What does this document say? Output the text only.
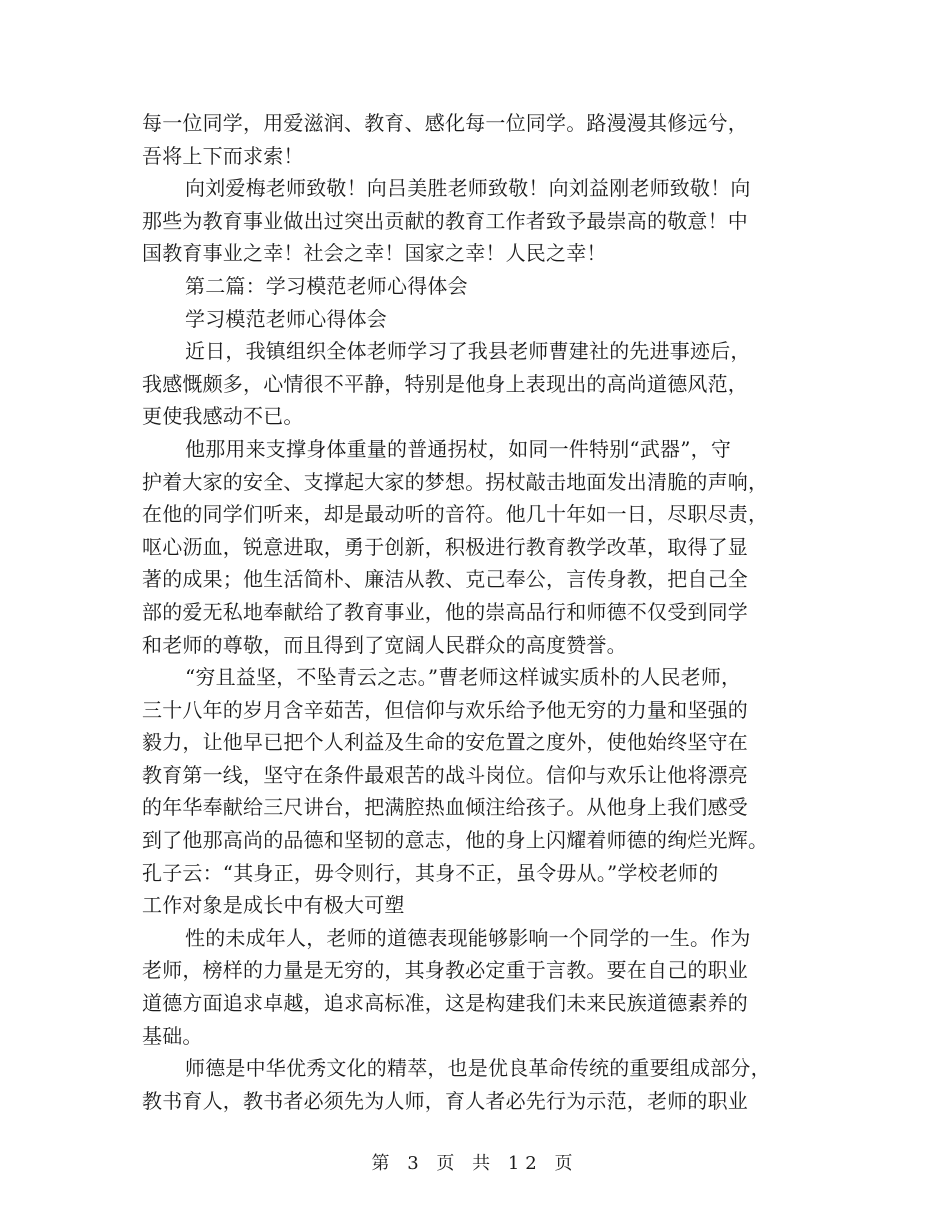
每一位同学，用爱滋润、教育、感化每一位同学。路漫漫其修远兮，
吾将上下而求索！
向刘爱梅老师致敬！向吕美胜老师致敬！向刘益刚老师致敬！向
那些为教育事业做出过突出贡献的教育工作者致予最崇高的敬意！中
国教育事业之幸！社会之幸！国家之幸！人民之幸！
第二篇：学习模范老师心得体会
学习模范老师心得体会
近日，我镇组织全体老师学习了我县老师曹建社的先进事迹后，
我感慨颇多，心情很不平静，特别是他身上表现出的高尚道德风范，
更使我感动不已。
他那用来支撑身体重量的普通拐杖，如同一件特别“武器”，守
护着大家的安全、支撑起大家的梦想。拐杖敲击地面发出清脆的声响，
在他的同学们听来，却是最动听的音符。他几十年如一日，尽职尽责，
呕心沥血，锐意进取，勇于创新，积极进行教育教学改革，取得了显
著的成果；他生活简朴、廉洁从教、克己奉公，言传身教，把自己全
部的爱无私地奉献给了教育事业，他的崇高品行和师德不仅受到同学
和老师的尊敬，而且得到了宽阔人民群众的高度赞誉。
“穷且益坚，不坠青云之志。”曹老师这样诚实质朴的人民老师，
三十八年的岁月含辛茹苦，但信仰与欢乐给予他无穷的力量和坚强的
毅力，让他早已把个人利益及生命的安危置之度外，使他始终坚守在
教育第一线，坚守在条件最艰苦的战斗岗位。信仰与欢乐让他将漂亮
的年华奉献给三尺讲台，把满腔热血倾注给孩子。从他身上我们感受
到了他那高尚的品德和坚韧的意志，他的身上闪耀着师德的绚烂光辉。
孔子云：“其身正，毋令则行，其身不正，虽令毋从。”学校老师的
工作对象是成长中有极大可塑
性的未成年人，老师的道德表现能够影响一个同学的一生。作为
老师，榜样的力量是无穷的，其身教必定重于言教。要在自己的职业
道德方面追求卓越，追求高标准，这是构建我们未来民族道德素养的
基础。
师德是中华优秀文化的精萃，也是优良革命传统的重要组成部分，
教书育人，教书者必须先为人师，育人者必先行为示范，老师的职业
第 3 页 共 12 页
